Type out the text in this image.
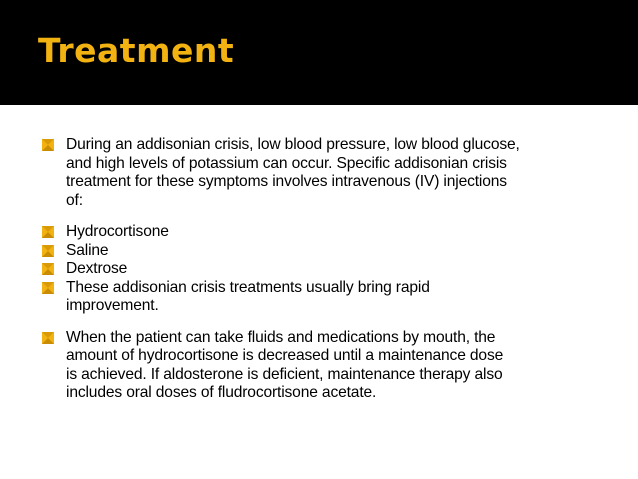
Treatment
During an addisonian crisis, low blood pressure, low blood glucose,
and high levels of potassium can occur. Specific addisonian crisis
treatment for these symptoms involves intravenous (IV) injections
of:
Hydrocortisone
Saline
Dextrose
These addisonian crisis treatments usually bring rapid
improvement.
When the patient can take fluids and medications by mouth, the
amount of hydrocortisone is decreased until a maintenance dose
is achieved. If aldosterone is deficient, maintenance therapy also
includes oral doses of fludrocortisone acetate.
